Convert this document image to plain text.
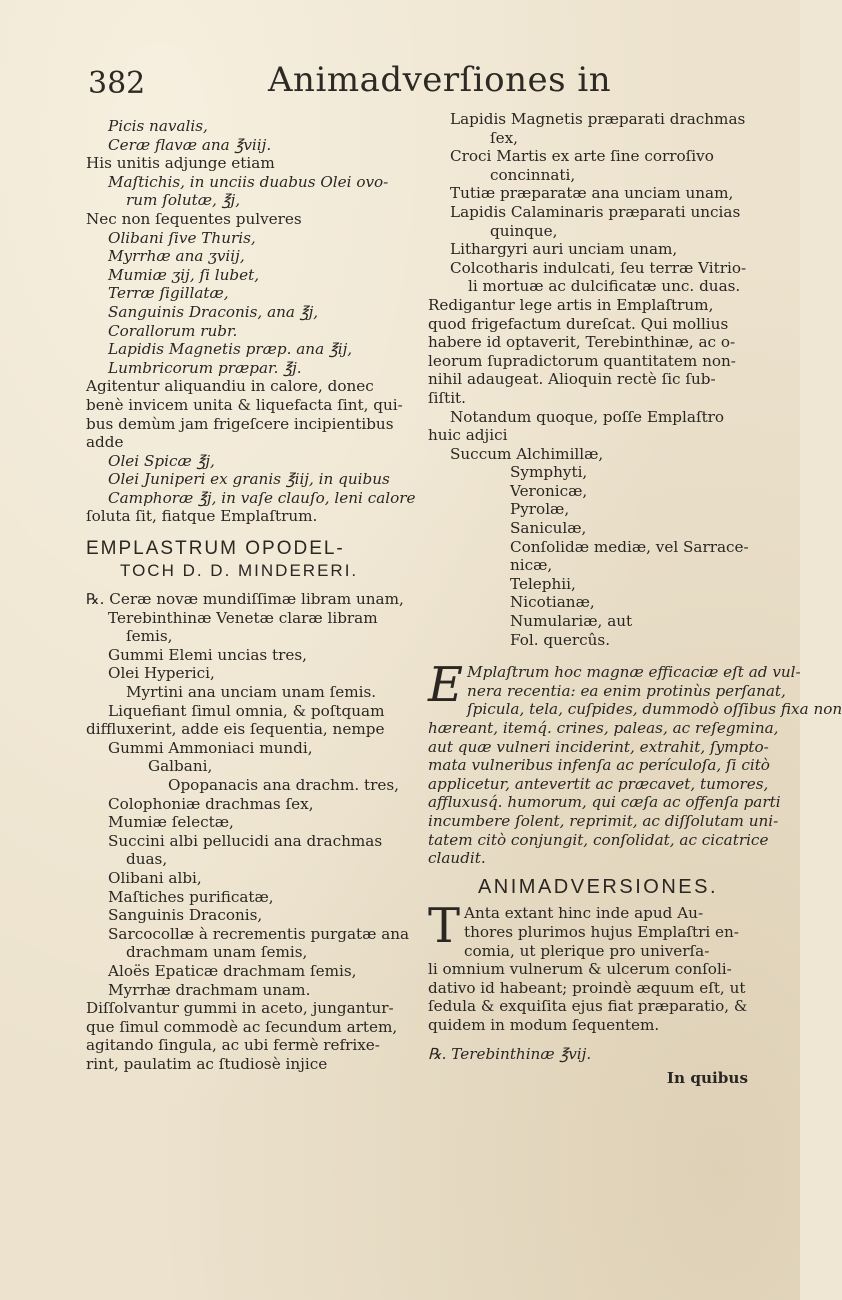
382	Animadverſiones in
Picis navalis,
Ceræ flavæ ana ℥viij.
His unitis adjunge etiam
Maſtichis, in unciis duabus Olei ovo-
rum ſolutæ, ℥j,
Nec non ſequentes pulveres
Olibani ſive Thuris,
Myrrhæ ana ʒviij,
Mumiæ ʒij, ſi lubet,
Terræ ſigillatæ,
Sanguinis Draconis, ana ℥j,
Corallorum rubr.
Lapidis Magnetis præp. ana ℥ij,
Lumbricorum præpar. ℥j.
Agitentur aliquandiu in calore, donec
benè invicem unita & liquefacta ſint, qui-
bus demùm jam frigeſcere incipientibus
adde
Olei Spicæ ℥j,
Olei Juniperi ex granis ℥iij, in quibus
Camphoræ ℥j, in vaſe clauſo, leni calore
ſoluta ſit, fiatque Emplaſtrum.
EMPLASTRUM OPODEL-
TOCH D. D. MINDERERI.
℞. Ceræ novæ mundiſſimæ libram unam,
Terebinthinæ Venetæ claræ libram
ſemis,
Gummi Elemi uncias tres,
Olei Hyperici,
Myrtini ana unciam unam ſemis.
Liquefiant ſimul omnia, & poſtquam
diffluxerint, adde eis ſequentia, nempe
Gummi Ammoniaci mundi,
Galbani,
Opopanacis ana drachm. tres,
Colophoniæ drachmas ſex,
Mumiæ ſelectæ,
Succini albi pellucidi ana drachmas
duas,
Olibani albi,
Maſtiches purificatæ,
Sanguinis Draconis,
Sarcocollæ à recrementis purgatæ ana
drachmam unam ſemis,
Aloës Epaticæ drachmam ſemis,
Myrrhæ drachmam unam.
Diſſolvantur gummi in aceto, jungantur-
que ſimul commodè ac ſecundum artem,
agitando ſingula, ac ubi fermè refrixe-
rint, paulatim ac ſtudiosè injice
Lapidis Magnetis præparati drachmas
ſex,
Croci Martis ex arte ſine corroſivo
concinnati,
Tutiæ præparatæ ana unciam unam,
Lapidis Calaminaris præparati uncias
quinque,
Lithargyri auri unciam unam,
Colcotharis indulcati, ſeu terræ Vitrio-
li mortuæ ac dulcificatæ unc. duas.
Redigantur lege artis in Emplaſtrum,
quod frigefactum dureſcat. Qui mollius
habere id optaverit, Terebinthinæ, ac o-
leorum ſupradictorum quantitatem non-
nihil adaugeat. Alioquin rectè ſic ſub-
ſiſtit.
Notandum quoque, poſſe Emplaſtro
huic adjici
Succum Alchimillæ,
Symphyti,
Veronicæ,
Pyrolæ,
Saniculæ,
Conſolidæ mediæ, vel Sarrace-
nicæ,
Telephii,
Nicotianæ,
Numulariæ, aut
Fol. quercûs.
E Mplaſtrum hoc magnæ efficaciæ eſt ad vul-
nera recentia: ea enim protinùs perſanat,
ſpicula, tela, cuſpides, dummodò oſſibus fixa non
hæreant, itemq́. crines, paleas, ac reſegmina,
aut quæ vulneri inciderint, extrahit, ſympto-
mata vulneribus infenſa ac perículoſa, ſi citò
applicetur, antevertit ac præcavet, tumores,
affluxusq́. humorum, qui cæſa ac offenſa parti
incumbere ſolent, reprimit, ac diſſolutam uni-
tatem citò conjungit, conſolidat, ac cicatrice
claudit.
ANIMADVERSIONES.
T Anta extant hinc inde apud Au-
thores plurimos hujus Emplaſtri en-
comia, ut plerique pro univerſa-
li omnium vulnerum & ulcerum conſoli-
dativo id habeant; proindè æquum eſt, ut
ſedula & exquiſita ejus fiat præparatio, &
quidem in modum ſequentem.
℞. Terebinthinæ ℥vij.
In quibus
